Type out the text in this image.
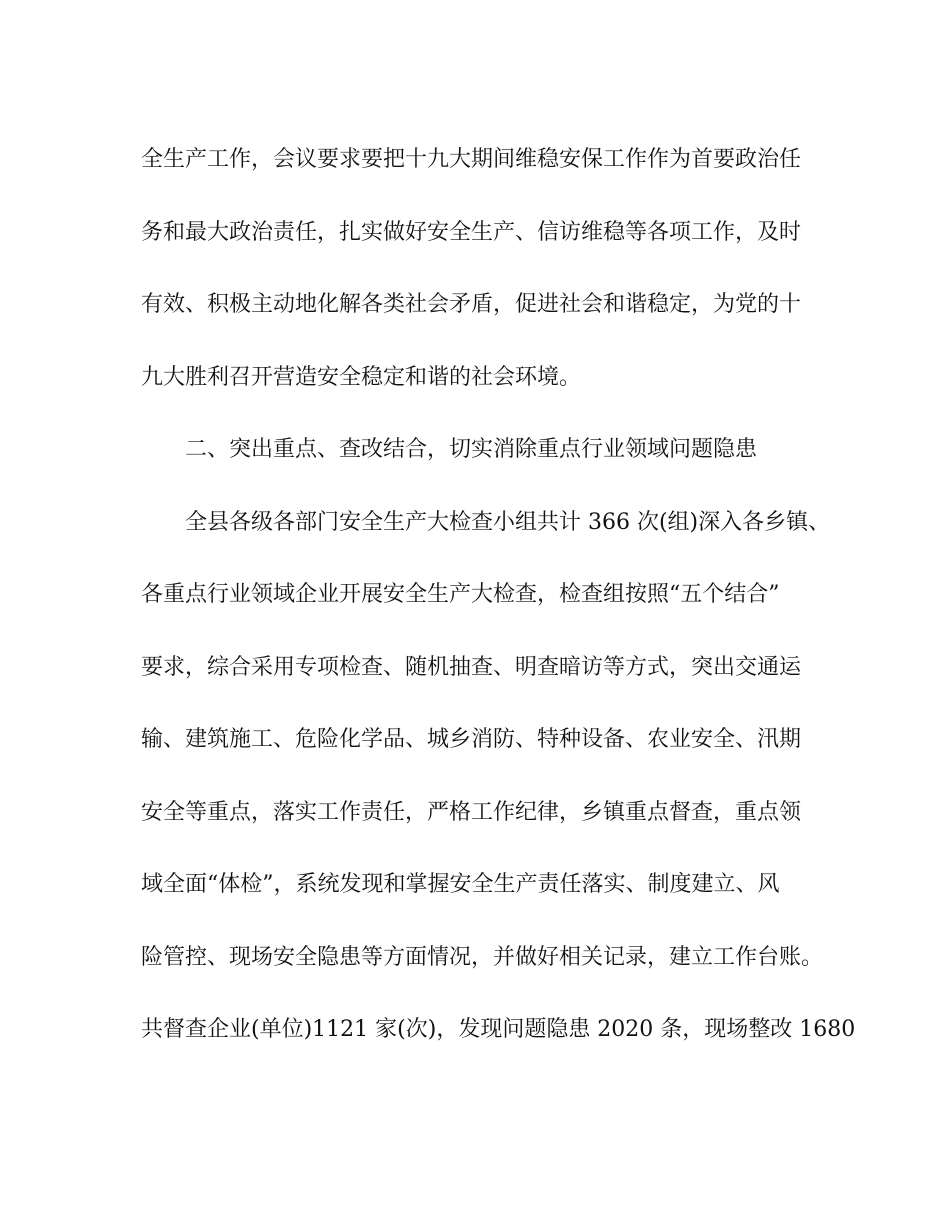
全生产工作，会议要求要把十九大期间维稳安保工作作为首要政治任
务和最大政治责任，扎实做好安全生产、信访维稳等各项工作，及时
有效、积极主动地化解各类社会矛盾，促进社会和谐稳定，为党的十
九大胜利召开营造安全稳定和谐的社会环境。
二、突出重点、查改结合，切实消除重点行业领域问题隐患
全县各级各部门安全生产大检查小组共计 366 次(组)深入各乡镇、
各重点行业领域企业开展安全生产大检查，检查组按照“五个结合”
要求，综合采用专项检查、随机抽查、明查暗访等方式，突出交通运
输、建筑施工、危险化学品、城乡消防、特种设备、农业安全、汛期
安全等重点，落实工作责任，严格工作纪律，乡镇重点督查，重点领
域全面“体检”，系统发现和掌握安全生产责任落实、制度建立、风
险管控、现场安全隐患等方面情况，并做好相关记录，建立工作台账。
共督查企业(单位)1121 家(次)，发现问题隐患 2020 条，现场整改 1680
